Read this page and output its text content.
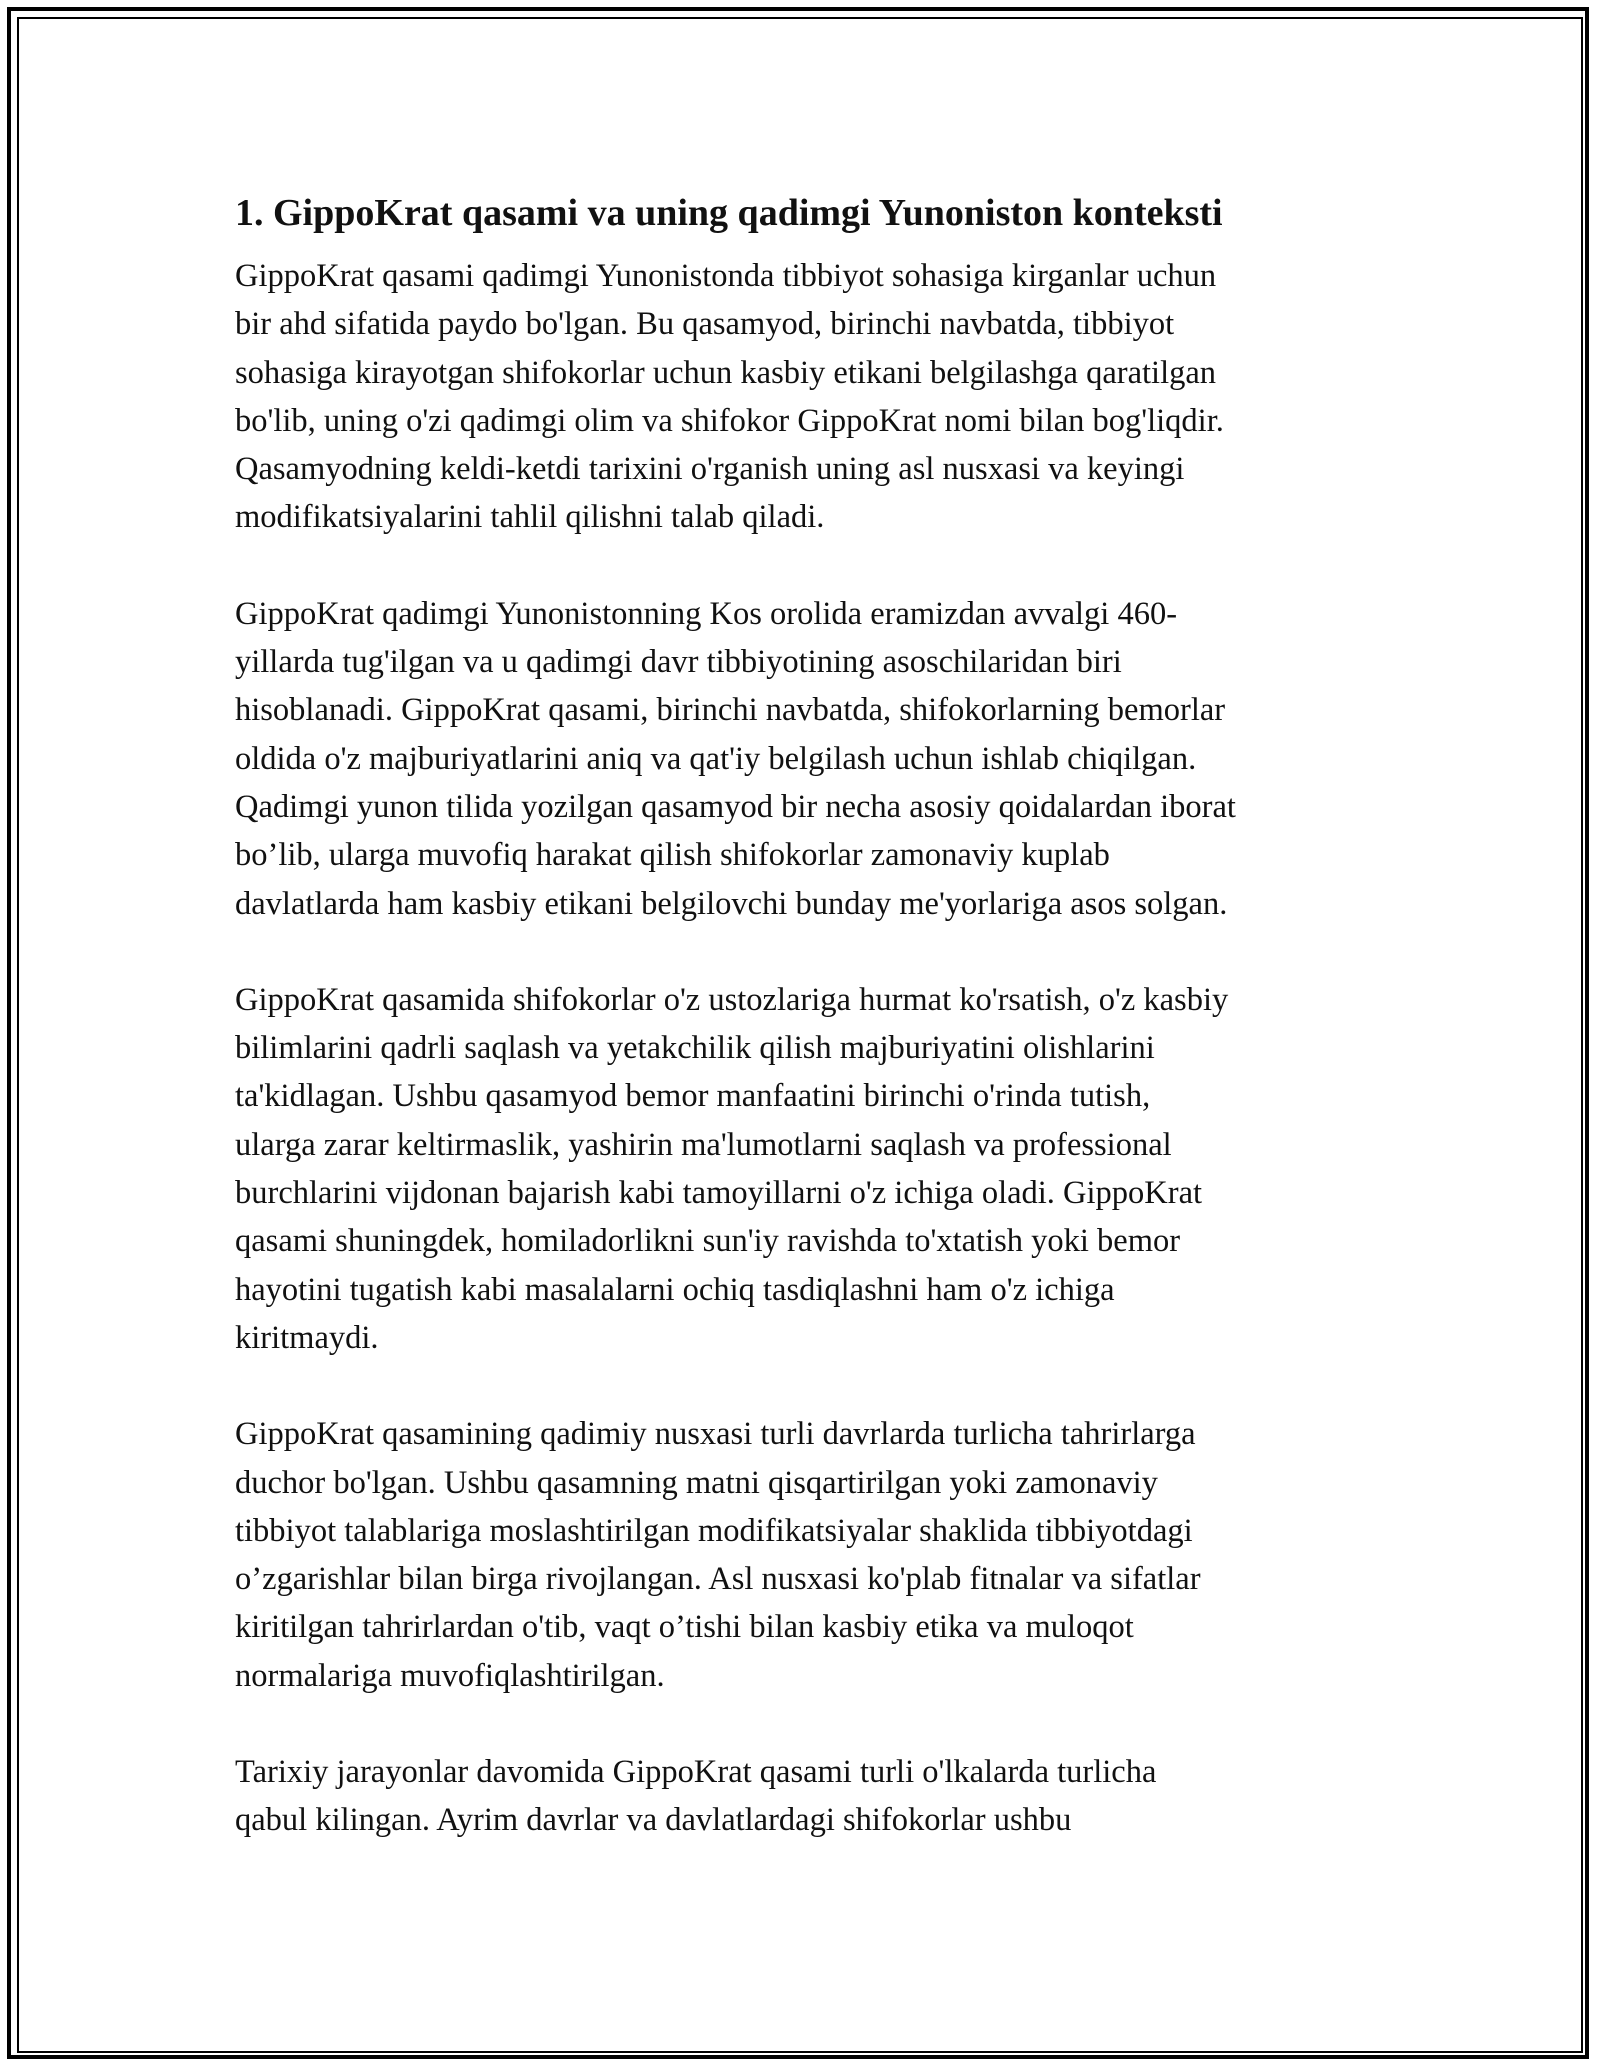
1. GippoKrat qasami va uning qadimgi Yunoniston konteksti

GippoKrat qasami qadimgi Yunonistonda tibbiyot sohasiga kirganlar uchun
bir ahd sifatida paydo bo'lgan. Bu qasamyod, birinchi navbatda, tibbiyot
sohasiga kirayotgan shifokorlar uchun kasbiy etikani belgilashga qaratilgan
bo'lib, uning o'zi qadimgi olim va shifokor GippoKrat nomi bilan bog'liqdir.
Qasamyodning keldi-ketdi tarixini o'rganish uning asl nusxasi va keyingi
modifikatsiyalarini tahlil qilishni talab qiladi.

GippoKrat qadimgi Yunonistonning Kos orolida eramizdan avvalgi 460-
yillarda tug'ilgan va u qadimgi davr tibbiyotining asoschilaridan biri
hisoblanadi. GippoKrat qasami, birinchi navbatda, shifokorlarning bemorlar
oldida o'z majburiyatlarini aniq va qat'iy belgilash uchun ishlab chiqilgan.
Qadimgi yunon tilida yozilgan qasamyod bir necha asosiy qoidalardan iborat
bo’lib, ularga muvofiq harakat qilish shifokorlar zamonaviy kuplab
davlatlarda ham kasbiy etikani belgilovchi bunday me'yorlariga asos solgan.

GippoKrat qasamida shifokorlar o'z ustozlariga hurmat ko'rsatish, o'z kasbiy
bilimlarini qadrli saqlash va yetakchilik qilish majburiyatini olishlarini
ta'kidlagan. Ushbu qasamyod bemor manfaatini birinchi o'rinda tutish,
ularga zarar keltirmaslik, yashirin ma'lumotlarni saqlash va professional
burchlarini vijdonan bajarish kabi tamoyillarni o'z ichiga oladi. GippoKrat
qasami shuningdek, homiladorlikni sun'iy ravishda to'xtatish yoki bemor
hayotini tugatish kabi masalalarni ochiq tasdiqlashni ham o'z ichiga
kiritmaydi.

GippoKrat qasamining qadimiy nusxasi turli davrlarda turlicha tahrirlarga
duchor bo'lgan. Ushbu qasamning matni qisqartirilgan yoki zamonaviy
tibbiyot talablariga moslashtirilgan modifikatsiyalar shaklida tibbiyotdagi
o’zgarishlar bilan birga rivojlangan. Asl nusxasi ko'plab fitnalar va sifatlar
kiritilgan tahrirlardan o'tib, vaqt o’tishi bilan kasbiy etika va muloqot
normalariga muvofiqlashtirilgan.

Tarixiy jarayonlar davomida GippoKrat qasami turli o'lkalarda turlicha
qabul kilingan. Ayrim davrlar va davlatlardagi shifokorlar ushbu
